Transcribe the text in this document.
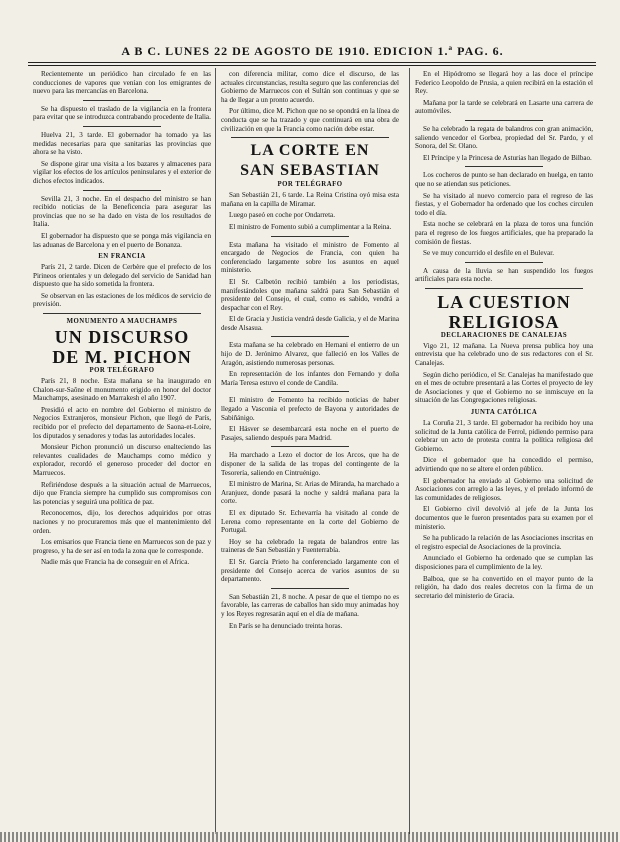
A B C. LUNES 22 DE AGOSTO DE 1910. EDICION 1.ª PAG. 6.

Recientemente un periódico han circulado fe en las conducciones de vapores que venían con los emigrantes de nuevo para las mercancías en Barcelona.

Se ha dispuesto el traslado de la vigilancia en la frontera para evitar que se introduzca contrabando procedente de Italia.

Huelva 21, 3 tarde. El gobernador ha tomado ya las medidas necesarias para que sanitarias las provincias que ahora se ha visto.

Se dispone girar una visita a los bazares y almacenes para vigilar los efectos de los artículos peninsulares y el exterior de dichos efectos indicados.

Sevilla 21, 3 noche. En el despacho del ministro se han recibido noticias de la Beneficencia para asegurar las provincias que no se ha dado en vista de los resultados de Italia.

El gobernador ha dispuesto que se ponga más vigilancia en las aduanas de Barcelona y en el puerto de Bonanza.

EN FRANCIA

París 21, 2 tarde. Dicen de Cerbère que el prefecto de los Pirineos orientales y un delegado del servicio de Sanidad han dispuesto que ha sido sometida la frontera.

Se observan en las estaciones de los médicos de servicio de previsión.

MONUMENTO A MAUCHAMPS
UN DISCURSO
DE M. PICHON
POR TELÉGRAFO

París 21, 8 noche. Esta mañana se ha inaugurado en Chalon-sur-Saône el monumento erigido en honor del doctor Mauchamps, asesinado en Marrakesh el año 1907.

Presidió el acto en nombre del Gobierno el ministro de Negocios Extranjeros, monsieur Pichon, que llegó de París, recibido por el prefecto del departamento de Saona-et-Loire, los diputados y senadores y todas las autoridades locales.

Monsieur Pichon pronunció un discurso enalteciendo las relevantes cualidades de Mauchamps como médico y explorador, recordó el generoso proceder del doctor en Marruecos.

Refiriéndose después a la situación actual de Marruecos, dijo que Francia siempre ha cumplido sus compromisos con las potencias y seguirá una política de paz.

Reconocemos, dijo, los derechos adquiridos por otras naciones y no procuraremos más que el mantenimiento del orden.

Los emisarios que Francia tiene en Marruecos son de paz y progreso, y ha de ser así en toda la zona que le corresponde.

Nadie más que Francia ha de conseguir en el Africa.

con diferencia militar, como dice el discurso, de las actuales circunstancias, resulta seguro que las conferencias del Gobierno de Marruecos con el Sultán son continuas y que se ha de llegar a un pronto acuerdo.

Por último, dice M. Pichon que no se opondrá en la línea de conducta que se ha trazado y que continuará en una obra de civilización en que la Francia como nación debe estar.

LA CORTE EN
SAN SEBASTIAN
POR TELÉGRAFO

San Sebastián 21, 6 tarde. La Reina Cristina oyó misa esta mañana en la capilla de Miramar.

Luego paseó en coche por Ondarreta.

El ministro de Fomento subió a cumplimentar a la Reina.

Esta mañana ha visitado el ministro de Fomento al encargado de Negocios de Francia, con quien ha conferenciado largamente sobre los asuntos en aquel ministerio.

El Sr. Calbetón recibió también a los periodistas, manifestándoles que mañana saldrá para San Sebastián el presidente del Consejo, el cual, como es sabido, vendrá a despachar con el Rey.

El de Gracia y Justicia vendrá desde Galicia, y el de Marina desde Alsasua.

Esta mañana se ha celebrado en Hernani el entierro de un hijo de D. Jerónimo Alvarez, que falleció en los Valles de Aragón, asistiendo numerosas personas.

En representación de los infantes don Fernando y doña María Teresa estuvo el conde de Candila.

El ministro de Fomento ha recibido noticias de haber llegado a Vasconia el prefecto de Bayona y autoridades de Sabiñánigo.

El Hásver se desembarcará esta noche en el puerto de Pasajes, saliendo después para Madrid.

Ha marchado a Lezo el doctor de los Arcos, que ha de disponer de la salida de las tropas del contingente de la Tesorería, saliendo en Cintruénigo.

El ministro de Marina, Sr. Arias de Miranda, ha marchado a Aranjuez, donde pasará la noche y saldrá mañana para la corte.

El ex diputado Sr. Echevarría ha visitado al conde de Lerena como representante en la corte del Gobierno de Portugal.

Hoy se ha celebrado la regata de balandros entre las traineras de San Sebastián y Fuenterrabía.

El Sr. García Prieto ha conferenciado largamente con el presidente del Consejo acerca de varios asuntos de su departamento.

San Sebastián 21, 8 noche. A pesar de que el tiempo no es favorable, las carreras de caballos han sido muy animadas hoy y los Reyes regresarán aquí en el día de mañana.

En París se ha denunciado treinta horas.

En el Hipódromo se llegará hoy a las doce el príncipe Federico Leopoldo de Prusia, a quien recibirá en la estación el Rey.

Mañana por la tarde se celebrará en Lasarte una carrera de automóviles.

Se ha celebrado la regata de balandros con gran animación, saliendo vencedor el Gorbea, propiedad del Sr. Pardo, y el Sonora, del Sr. Olano.

El Príncipe y la Princesa de Asturias han llegado de Bilbao.

Los cocheros de punto se han declarado en huelga, en tanto que no se atiendan sus peticiones.

Se ha visitado al nuevo comercio para el regreso de las fiestas, y el Gobernador ha ordenado que los coches circulen todo el día.

Esta noche se celebrará en la plaza de toros una función para el regreso de los fuegos artificiales, que ha preparado la comisión de fiestas.

Se ve muy concurrido el desfile en el Bulevar.

A causa de la lluvia se han suspendido los fuegos artificiales para esta noche.

LA CUESTION
RELIGIOSA
DECLARACIONES DE CANALEJAS

Vigo 21, 12 mañana. La Nueva prensa publica hoy una entrevista que ha celebrado uno de sus redactores con el Sr. Canalejas.

Según dicho periódico, el Sr. Canalejas ha manifestado que en el mes de octubre presentará a las Cortes el proyecto de ley de Asociaciones y que el Gobierno no se inmiscuye en la situación de las Congregaciones religiosas.

JUNTA CATÓLICA

La Coruña 21, 3 tarde. El gobernador ha recibido hoy una solicitud de la Junta católica de Ferrol, pidiendo permiso para celebrar un acto de protesta contra la política religiosa del Gobierno.

Dice el gobernador que ha concedido el permiso, advirtiendo que no se altere el orden público.

El gobernador ha enviado al Gobierno una solicitud de Asociaciones con arreglo a las leyes, y el prelado informó de las comunidades de religiosos.

El Gobierno civil devolvió al jefe de la Junta los documentos que le fueron presentados para su examen por el ministerio.

Se ha publicado la relación de las Asociaciones inscritas en el registro especial de Asociaciones de la provincia.

Anunciado el Gobierno ha ordenado que se cumplan las disposiciones para el cumplimiento de la ley.

Balboa, que se ha convertido en el mayor punto de la religión, ha dado dos reales decretos con la firma de un secretario del ministerio de Gracia.
